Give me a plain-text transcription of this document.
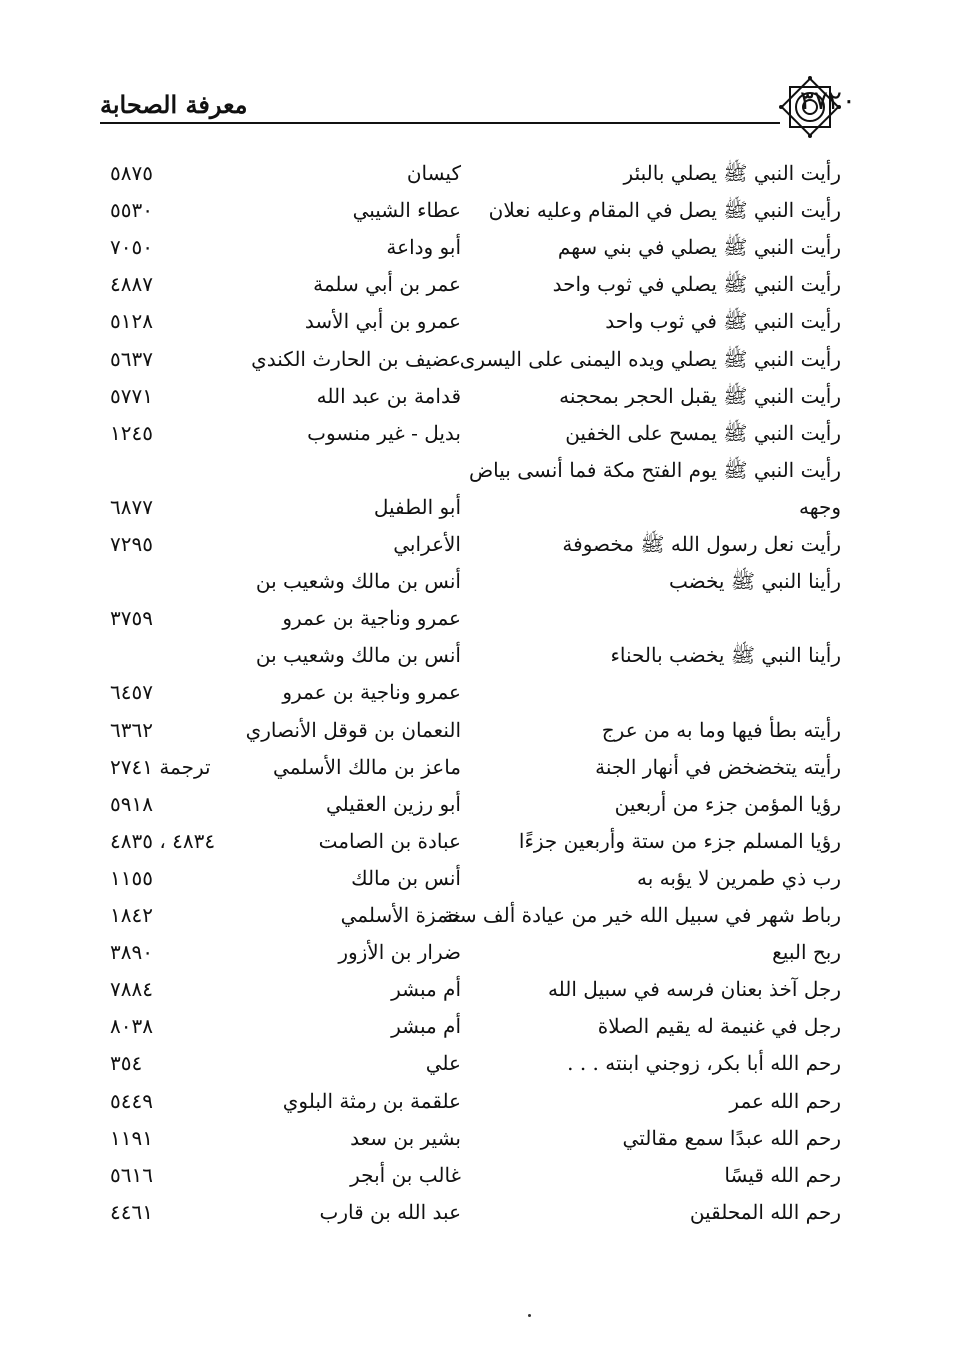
٣٧٢٠
معرفة الصحابة
رأيت النبي ﷺ يصلي بالبئر
كيسان
٥٨٧٥
رأيت النبي ﷺ يصل في المقام وعليه نعلان
عطاء الشيبي
٥٥٣٠
رأيت النبي ﷺ يصلي في بني سهم
أبو وداعة
٧٠٥٠
رأيت النبي ﷺ يصلي في ثوب واحد
عمر بن أبي سلمة
٤٨٨٧
رأيت النبي ﷺ في ثوب واحد
عمرو بن أبي الأسد
٥١٢٨
رأيت النبي ﷺ يصلي ويده اليمنى على اليسرى
عضيف بن الحارث الكندي
٥٦٣٧
رأيت النبي ﷺ يقبل الحجر بمحجنه
قدامة بن عبد الله
٥٧٧١
رأيت النبي ﷺ يمسح على الخفين
بديل - غير منسوب
١٢٤٥
رأيت النبي ﷺ يوم الفتح مكة فما أنسى بياض
وجهه
أبو الطفيل
٦٨٧٧
رأيت نعل رسول الله ﷺ مخصوفة
الأعرابي
٧٢٩٥
رأينا النبي ﷺ يخضب
أنس بن مالك وشعيب بن
عمرو وناجية بن عمرو
٣٧٥٩
رأينا النبي ﷺ يخضب بالحناء
أنس بن مالك وشعيب بن
عمرو وناجية بن عمرو
٦٤٥٧
رأيته بطأ فيها وما به من عرج
النعمان بن قوقل الأنصاري
٦٣٦٢
رأيته يتخضخض في أنهار الجنة
ماعز بن مالك الأسلمي
ترجمة ٢٧٤١
رؤيا المؤمن جزء من أربعين
أبو رزين العقيلي
٥٩١٨
رؤيا المسلم جزء من ستة وأربعين جزءًا
عبادة بن الصامت
٤٨٣٤ ، ٤٨٣٥
رب ذي طمرين لا يؤبه به
أنس بن مالك
١١٥٥
رباط شهر في سبيل الله خير من عيادة ألف سنة
حمزة الأسلمي
١٨٤٢
ربح البيع
ضرار بن الأزور
٣٨٩٠
رجل آخذ بعنان فرسه في سبيل الله
أم مبشر
٧٨٨٤
رجل في غنيمة له يقيم الصلاة
أم مبشر
٨٠٣٨
رحم الله أبا بكر، زوجني ابنته . . .
علي
٣٥٤
رحم الله عمر
علقمة بن رمثة البلوي
٥٤٤٩
رحم الله عبدًا سمع مقالتي
بشير بن سعد
١١٩١
رحم الله قيسًا
غالب بن أبجر
٥٦١٦
رحم الله المحلقين
عبد الله بن قارب
٤٤٦١
